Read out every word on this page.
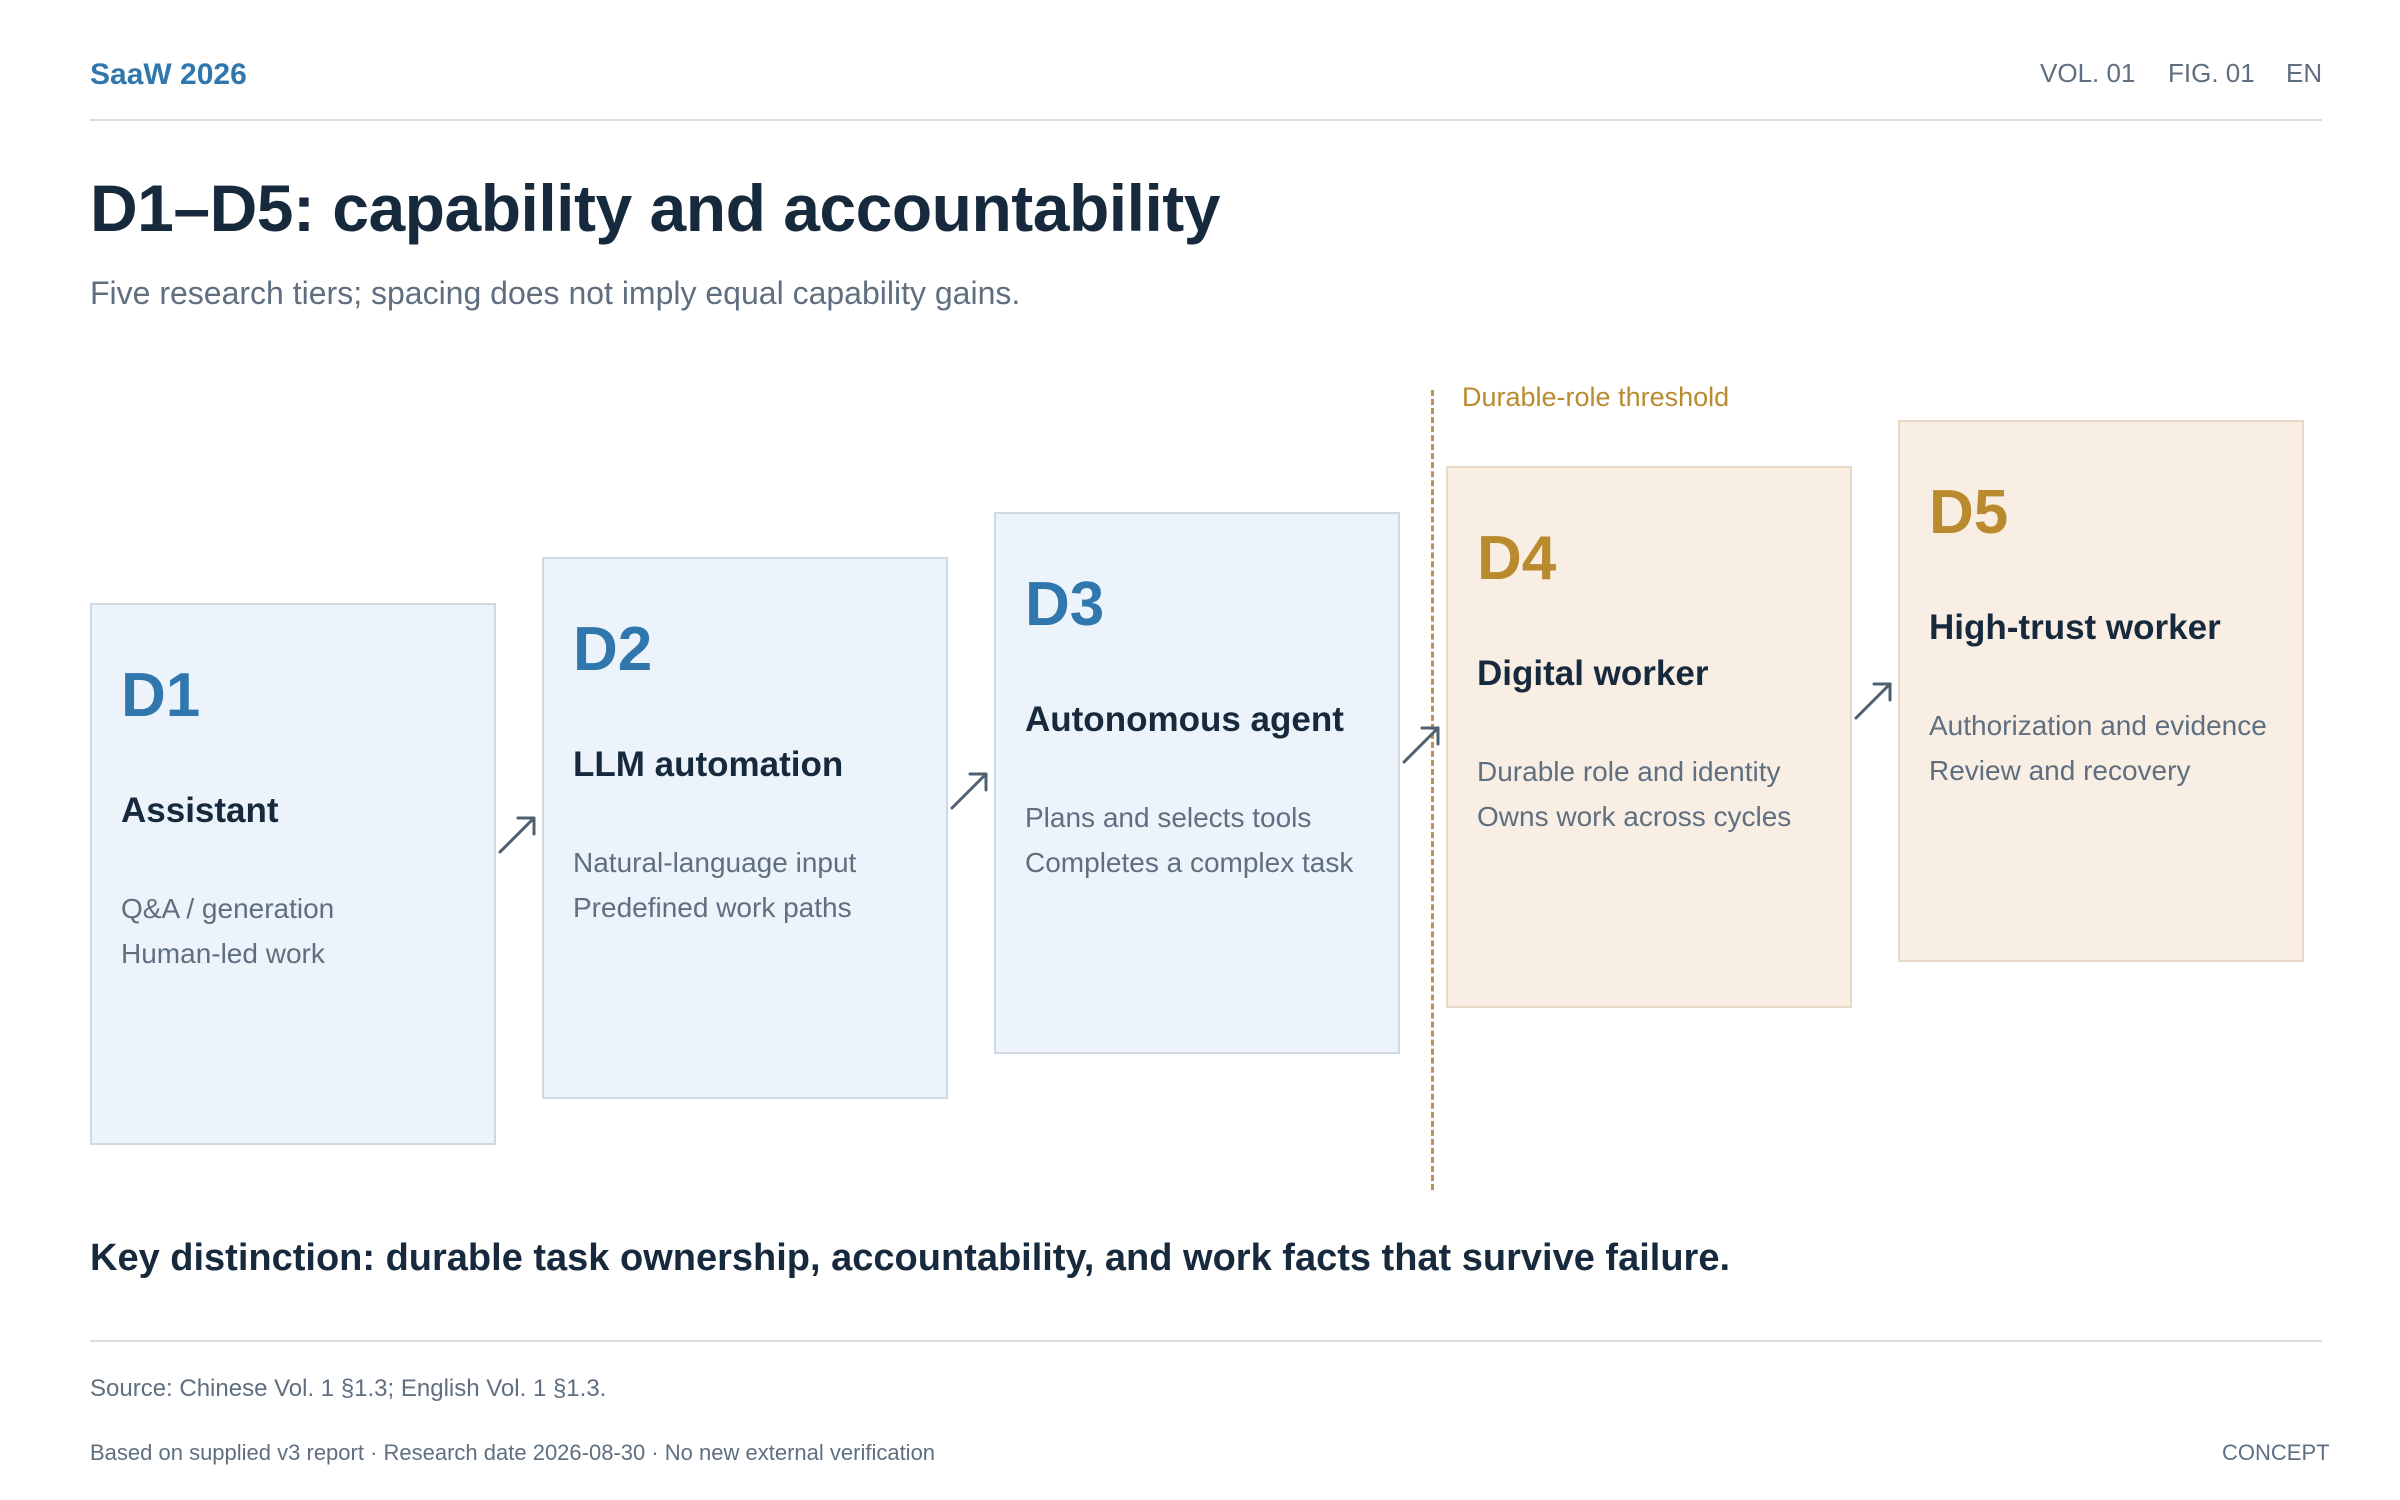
SaaW 2026	VOL. 01 FIG. 01 EN
D1–D5: capability and accountability
Five research tiers; spacing does not imply equal capability gains.
Durable-role threshold
D1
Assistant
Q&A / generation
Human-led work
D2
LLM automation
Natural-language input
Predefined work paths
D3
Autonomous agent
Plans and selects tools
Completes a complex task
D4
Digital worker
Durable role and identity
Owns work across cycles
D5
High-trust worker
Authorization and evidence
Review and recovery
Key distinction: durable task ownership, accountability, and work facts that survive failure.
Source: Chinese Vol. 1 §1.3; English Vol. 1 §1.3.
Based on supplied v3 report · Research date 2026-08-30 · No new external verification	CONCEPT
